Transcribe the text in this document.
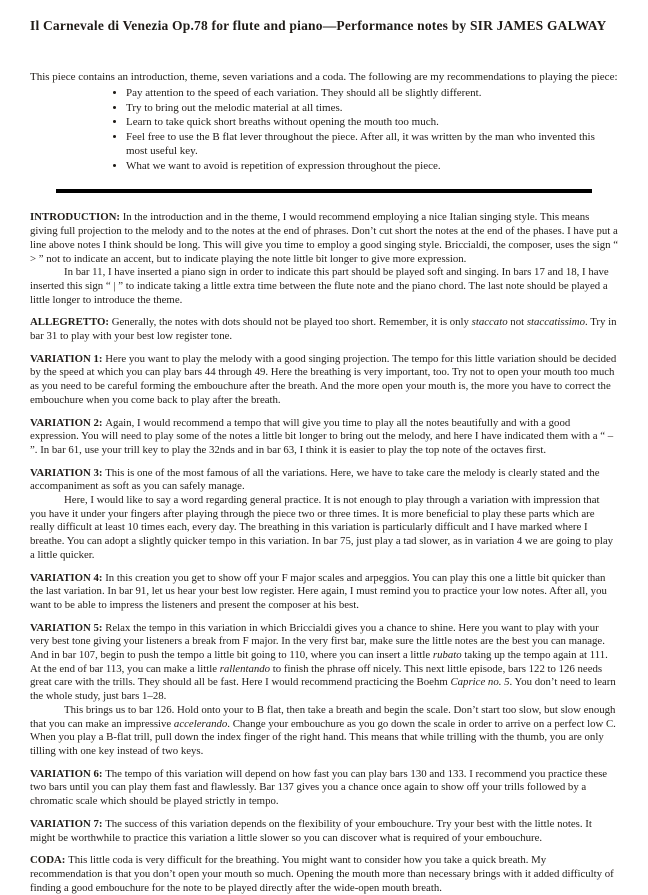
Il Carnevale di Venezia Op.78 for flute and piano—Performance notes by SIR JAMES GALWAY
This piece contains an introduction, theme, seven variations and a coda. The following are my recommendations to playing the piece:
• Pay attention to the speed of each variation. They should all be slightly different.
• Try to bring out the melodic material at all times.
• Learn to take quick short breaths without opening the mouth too much.
• Feel free to use the B flat lever throughout the piece. After all, it was written by the man who invented this most useful key.
• What we want to avoid is repetition of expression throughout the piece.

INTRODUCTION: In the introduction and in the theme, I would recommend employing a nice Italian singing style. This means giving full projection to the melody and to the notes at the end of phrases. Don’t cut short the notes at the end of the phases. I have put a line above notes I think should be long. This will give you time to employ a good singing style. Briccialdi, the composer, uses the sign “ > ” not to indicate an accent, but to indicate playing the note little bit longer to give more expression.

In bar 11, I have inserted a piano sign in order to indicate this part should be played soft and singing. In bars 17 and 18, I have inserted this sign “ | ” to indicate taking a little extra time between the flute note and the piano chord. The last note should be played a little longer to introduce the theme.

ALLEGRETTO: Generally, the notes with dots should not be played too short. Remember, it is only staccato not staccatissimo. Try in bar 31 to play with your best low register tone.

VARIATION 1: Here you want to play the melody with a good singing projection. The tempo for this little variation should be decided by the speed at which you can play bars 44 through 49. Here the breathing is very important, too. Try not to open your mouth too much as you need to be careful forming the embouchure after the breath. And the more open your mouth is, the more you have to correct the embouchure when you come back to play after the breath.

VARIATION 2: Again, I would recommend a tempo that will give you time to play all the notes beautifully and with a good expression. You will need to play some of the notes a little bit longer to bring out the melody, and here I have indicated them with a “ – ”. In bar 61, use your trill key to play the 32nds and in bar 63, I think it is easier to play the top note of the octaves first.

VARIATION 3: This is one of the most famous of all the variations. Here, we have to take care the melody is clearly stated and the accompaniment as soft as you can safely manage.

Here, I would like to say a word regarding general practice. It is not enough to play through a variation with impression that you have it under your fingers after playing through the piece two or three times. It is more beneficial to play these parts which are really difficult at least 10 times each, every day. The breathing in this variation is particularly difficult and I have marked where I breathe. You can adopt a slightly quicker tempo in this variation. In bar 75, just play a tad slower, as in variation 4 we are going to play a little quicker.

VARIATION 4: In this creation you get to show off your F major scales and arpeggios. You can play this one a little bit quicker than the last variation. In bar 91, let us hear your best low register. Here again, I must remind you to practice your low notes. After all, you want to be able to impress the listeners and present the composer at his best.

VARIATION 5: Relax the tempo in this variation in which Briccialdi gives you a chance to shine. Here you want to play with your very best tone giving your listeners a break from F major. In the very first bar, make sure the little notes are the best you can manage. And in bar 107, begin to push the tempo a little bit going to 110, where you can insert a little rubato taking up the tempo again at 111. At the end of bar 113, you can make a little rallentando to finish the phrase off nicely. This next little episode, bars 122 to 126 needs great care with the trills. They should all be fast. Here I would recommend practicing the Boehm Caprice no. 5. You don’t need to learn the whole study, just bars 1–28.

This brings us to bar 126. Hold onto your to B flat, then take a breath and begin the scale. Don’t start too slow, but slow enough that you can make an impressive accelerando. Change your embouchure as you go down the scale in order to arrive on a perfect low C. When you play a B-flat trill, pull down the index finger of the right hand. This means that while trilling with the thumb, you are only tilling with one key instead of two keys.

VARIATION 6: The tempo of this variation will depend on how fast you can play bars 130 and 133. I recommend you practice these two bars until you can play them fast and flawlessly. Bar 137 gives you a chance once again to show off your trills followed by a chromatic scale which should be played strictly in tempo.

VARIATION 7: The success of this variation depends on the flexibility of your embouchure. Try your best with the little notes. It might be worthwhile to practice this variation a little slower so you can discover what is required of your embouchure.

CODA: This little coda is very difficult for the breathing. You might want to consider how you take a quick breath. My recommendation is that you don’t open your mouth so much. Opening the mouth more than necessary brings with it added difficulty of finding a good embouchure for the note to be played directly after the wide-open mouth breath.
